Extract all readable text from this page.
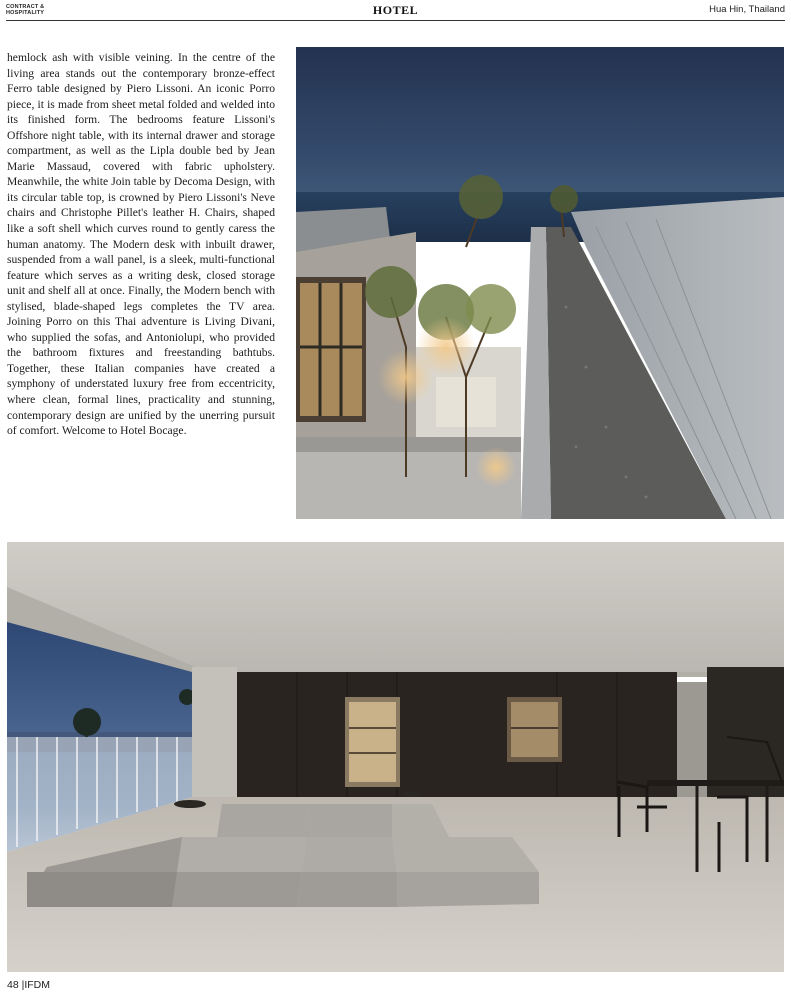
CONTRACT &
HOSPITALITY	HOTEL	Hua Hin, Thailand

hemlock ash with visible veining. In the centre of the living area stands out the contemporary bronze-effect Ferro table designed by Piero Lissoni. An iconic Porro piece, it is made from sheet metal folded and welded into its finished form. The bedrooms feature Lissoni's Offshore night table, with its internal drawer and storage compartment, as well as the Lipla double bed by Jean Marie Massaud, covered with fabric upholstery. Meanwhile, the white Join table by Decoma Design, with its circular table top, is crowned by Piero Lissoni's Neve chairs and Christophe Pillet's leather H. Chairs, shaped like a soft shell which curves round to gently caress the human anatomy. The Modern desk with inbuilt drawer, suspended from a wall panel, is a sleek, multi-functional feature which serves as a writing desk, closed storage unit and shelf all at once. Finally, the Modern bench with stylised, blade-shaped legs completes the TV area. Joining Porro on this Thai adventure is Living Divani, who supplied the sofas, and Antoniolupi, who provided the bathroom fixtures and freestanding bathtubs. Together, these Italian companies have created a symphony of understated luxury free from eccentricity, where clean, formal lines, practicality and stunning, contemporary design are unified by the unerring pursuit of comfort. Welcome to Hotel Bocage.

48 |IFDM
